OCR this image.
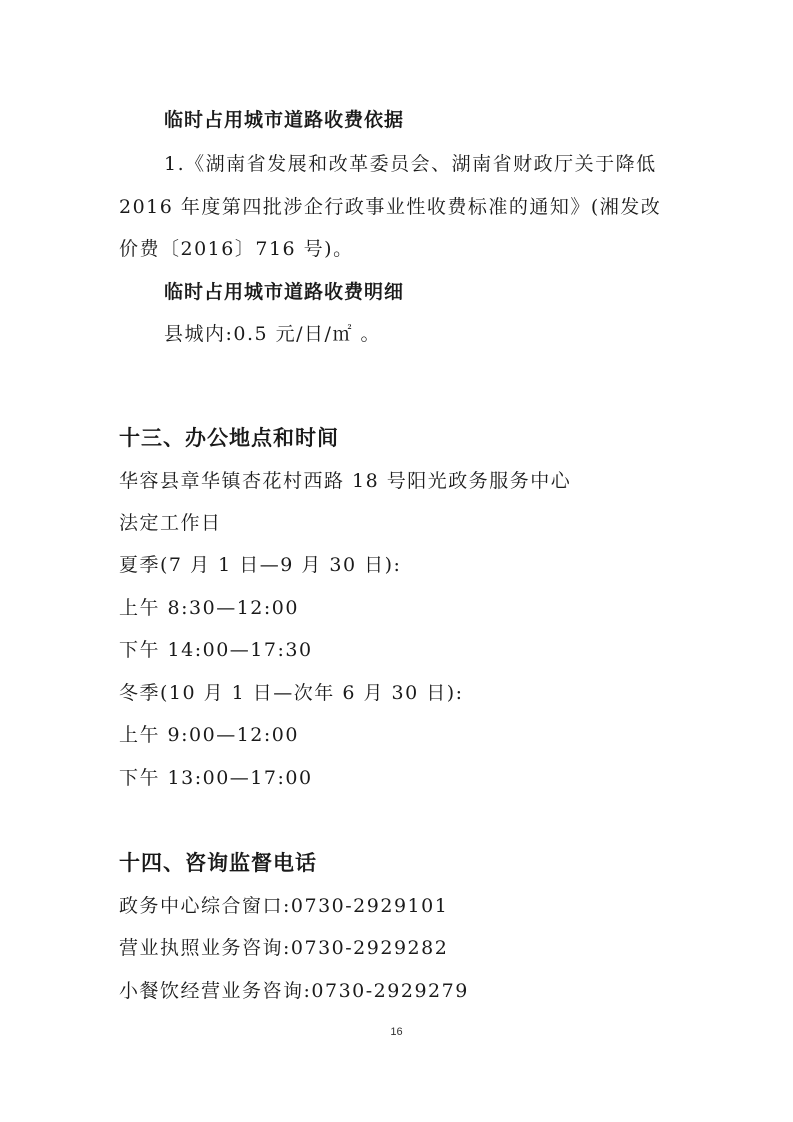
临时占用城市道路收费依据
1.《湖南省发展和改革委员会、湖南省财政厅关于降低
2016 年度第四批涉企行政事业性收费标准的通知》(湘发改
价费〔2016〕716 号)。
临时占用城市道路收费明细
县城内:0.5 元/日/㎡ 。
十三、办公地点和时间
华容县章华镇杏花村西路 18 号阳光政务服务中心
法定工作日
夏季(7 月 1 日—9 月 30 日):
上午 8:30—12:00
下午 14:00—17:30
冬季(10 月 1 日—次年 6 月 30 日):
上午 9:00—12:00
下午 13:00—17:00
十四、咨询监督电话
政务中心综合窗口:0730-2929101
营业执照业务咨询:0730-2929282
小餐饮经营业务咨询:0730-2929279
16
